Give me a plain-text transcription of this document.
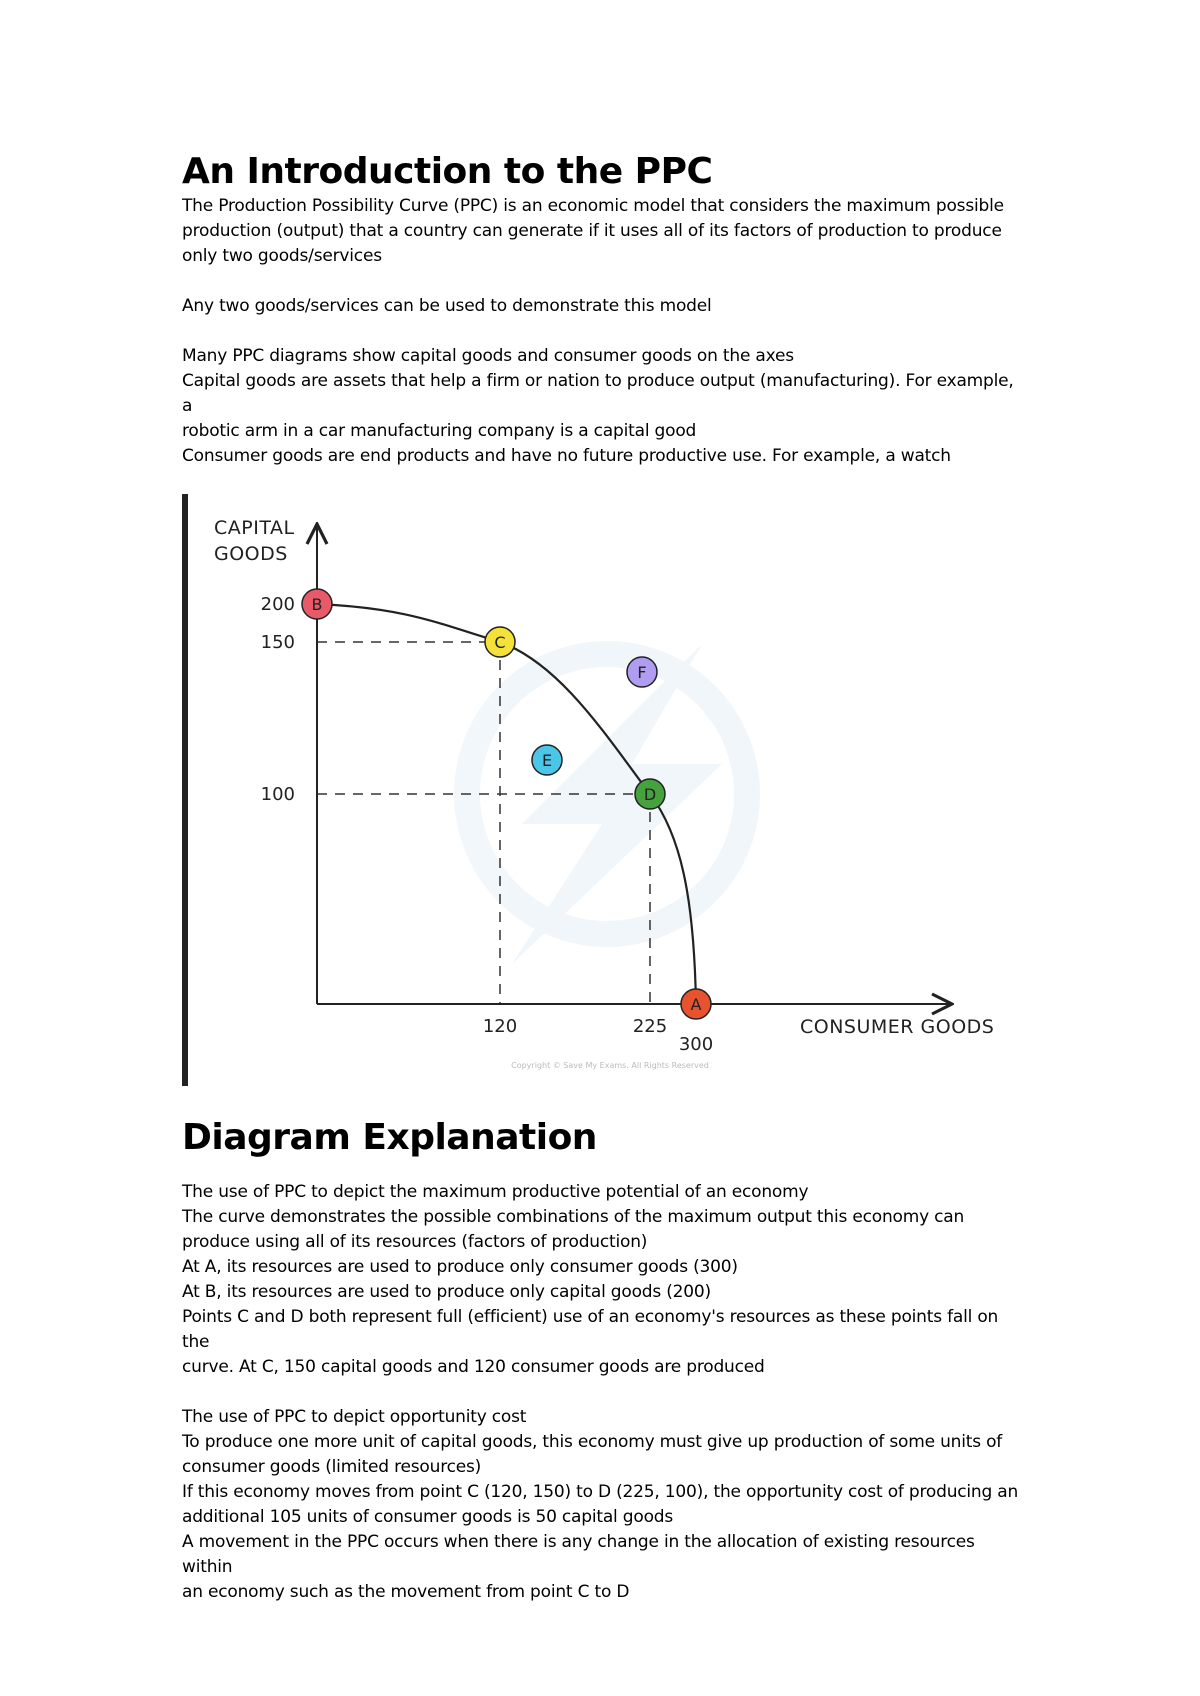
An Introduction to the PPC

The Production Possibility Curve (PPC) is an economic model that considers the maximum possible

production (output) that a country can generate if it uses all of its factors of production to produce

only two goods/services

Any two goods/services can be used to demonstrate this model

Many PPC diagrams show capital goods and consumer goods on the axes

Capital goods are assets that help a firm or nation to produce output (manufacturing). For example, a

robotic arm in a car manufacturing company is a capital good

Consumer goods are end products and have no future productive use. For example, a watch

200
150
100
120	225
300
A
B
C
D
E
F
CAPITAL
GOODS
CONSUMER GOODS
Copyright © Save My Exams. All Rights Reserved
Diagram Explanation

The use of PPC to depict the maximum productive potential of an economy

The curve demonstrates the possible combinations of the maximum output this economy can

produce using all of its resources (factors of production)

At A, its resources are used to produce only consumer goods (300)

At B, its resources are used to produce only capital goods (200)

Points C and D both represent full (efficient) use of an economy's resources as these points fall on the

curve. At C, 150 capital goods and 120 consumer goods are produced

The use of PPC to depict opportunity cost

To produce one more unit of capital goods, this economy must give up production of some units of

consumer goods (limited resources)

If this economy moves from point C (120, 150) to D (225, 100), the opportunity cost of producing an

additional 105 units of consumer goods is 50 capital goods

A movement in the PPC occurs when there is any change in the allocation of existing resources within

an economy such as the movement from point C to D
